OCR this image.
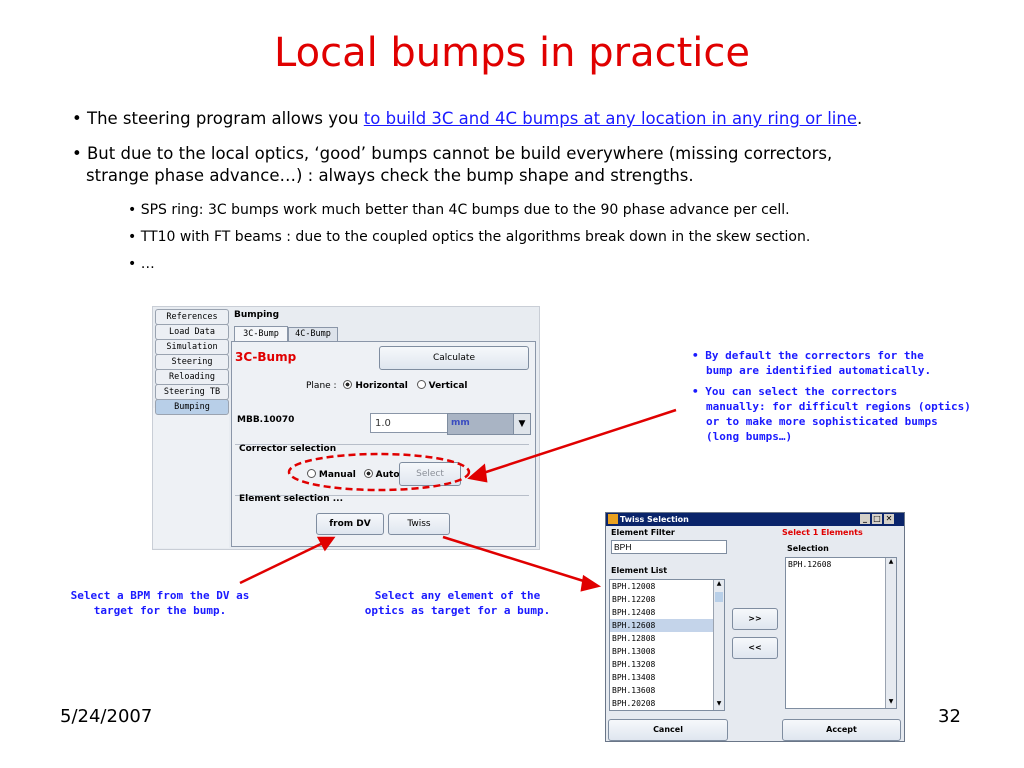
Local bumps in practice
• The steering program allows you to build 3C and 4C bumps at any location in any ring or line.
• But due to the local optics, ‘good’ bumps cannot be build everywhere (missing correctors,
strange phase advance…) : always check the bump shape and strengths.
• SPS ring: 3C bumps work much better than 4C bumps due to the 90 phase advance per cell.
• TT10 with FT beams : due to the coupled optics the algorithms break down in the skew section.
• …
References
Load Data
Simulation
Steering
Reloading
Steering TB
Bumping
Bumping
3C-Bump	4C-Bump
3C-Bump	Calculate
Plane : Horizontal Vertical
MBB.10070
1.0	mm	▼
Corrector selection
Manual Auto	Select
Element selection ...
from DV	Twiss
• By default the correctors for the
bump are identified automatically.
• You can select the correctors
manually: for difficult regions (optics)
or to make more sophisticated bumps
(long bumps…)
Select a BPM from the DV as
target for the bump.
Select any element of the
optics as target for a bump.
Twiss Selection	_ □ ✕
Element Filter
BPH	Select 1 Elements
Selection
Element List
BPH.12008
BPH.12208
BPH.12408
BPH.12608
BPH.12808
BPH.13008
BPH.13208
BPH.13408
BPH.13608
BPH.20208
▲
▼
BPH.12608	▲
▼
>>
<<
Cancel	Accept
5/24/2007	32
